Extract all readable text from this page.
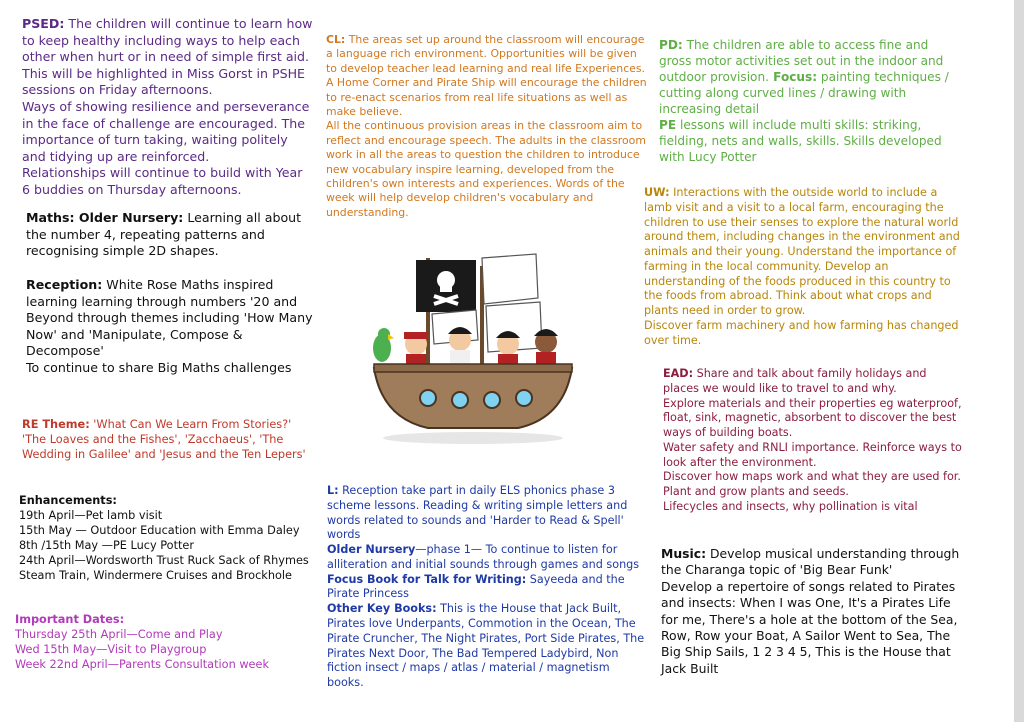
PSED: The children will continue to learn how to keep healthy including ways to help each other when hurt or in need of simple first aid. This will be highlighted in Miss Gorst in PSHE sessions on Friday afternoons.

Ways of showing resilience and perseverance in the face of challenge are encouraged. The importance of turn taking, waiting politely and tidying up are reinforced.

Relationships will continue to build with Year 6 buddies on Thursday afternoons.

Maths: Older Nursery: Learning all about the number 4, repeating patterns and recognising simple 2D shapes.

Reception: White Rose Maths inspired learning learning through numbers '20 and Beyond through themes including 'How Many Now' and 'Manipulate, Compose & Decompose'

To continue to share Big Maths challenges

RE Theme: 'What Can We Learn From Stories?' 'The Loaves and the Fishes', 'Zacchaeus', 'The Wedding in Galilee' and 'Jesus and the Ten Lepers'

Enhancements:

19th April—Pet lamb visit

15th May — Outdoor Education with Emma Daley

8th /15th May —PE Lucy Potter

24th April—Wordsworth Trust Ruck Sack of Rhymes

Steam Train, Windermere Cruises and Brockhole

Important Dates:

Thursday 25th April—Come and Play

Wed 15th May—Visit to Playgroup

Week 22nd April—Parents Consultation week

CL: The areas set up around the classroom will encourage a language rich environment. Opportunities will be given to develop teacher lead learning and real life Experiences. A Home Corner and Pirate Ship will encourage the children to re-enact scenarios from real life situations as well as make believe.

All the continuous provision areas in the classroom aim to reflect and encourage speech. The adults in the classroom work in all the areas to question the children to introduce new vocabulary inspire learning, developed from the children's own interests and experiences. Words of the week will help develop children's vocabulary and understanding.

L: Reception take part in daily ELS phonics phase 3 scheme lessons. Reading & writing simple letters and words related to sounds and 'Harder to Read & Spell' words

Older Nursery—phase 1— To continue to listen for alliteration and initial sounds through games and songs

Focus Book for Talk for Writing: Sayeeda and the Pirate Princess

Other Key Books: This is the House that Jack Built, Pirates love Underpants, Commotion in the Ocean, The Pirate Cruncher, The Night Pirates, Port Side Pirates, The Pirates Next Door, The Bad Tempered Ladybird, Non fiction insect / maps / atlas / material / magnetism books.

PD: The children are able to access fine and gross motor activities set out in the indoor and outdoor provision. Focus: painting techniques / cutting along curved lines / drawing with increasing detail

PE lessons will include multi skills: striking, fielding, nets and walls, skills. Skills developed with Lucy Potter

UW: Interactions with the outside world to include a lamb visit and a visit to a local farm, encouraging the children to use their senses to explore the natural world around them, including changes in the environment and animals and their young. Understand the importance of farming in the local community. Develop an understanding of the foods produced in this country to the foods from abroad. Think about what crops and plants need in order to grow.

Discover farm machinery and how farming has changed over time.

EAD: Share and talk about family holidays and places we would like to travel to and why.

Explore materials and their properties eg waterproof, float, sink, magnetic, absorbent to discover the best ways of building boats.

Water safety and RNLI importance. Reinforce ways to look after the environment.

Discover how maps work and what they are used for.

Plant and grow plants and seeds.

Lifecycles and insects, why pollination is vital

Music: Develop musical understanding through the Charanga topic of 'Big Bear Funk'

Develop a repertoire of songs related to Pirates and insects: When I was One, It's a Pirates Life for me, There's a hole at the bottom of the Sea, Row, Row your Boat, A Sailor Went to Sea, The Big Ship Sails, 1 2 3 4 5, This is the House that Jack Built
